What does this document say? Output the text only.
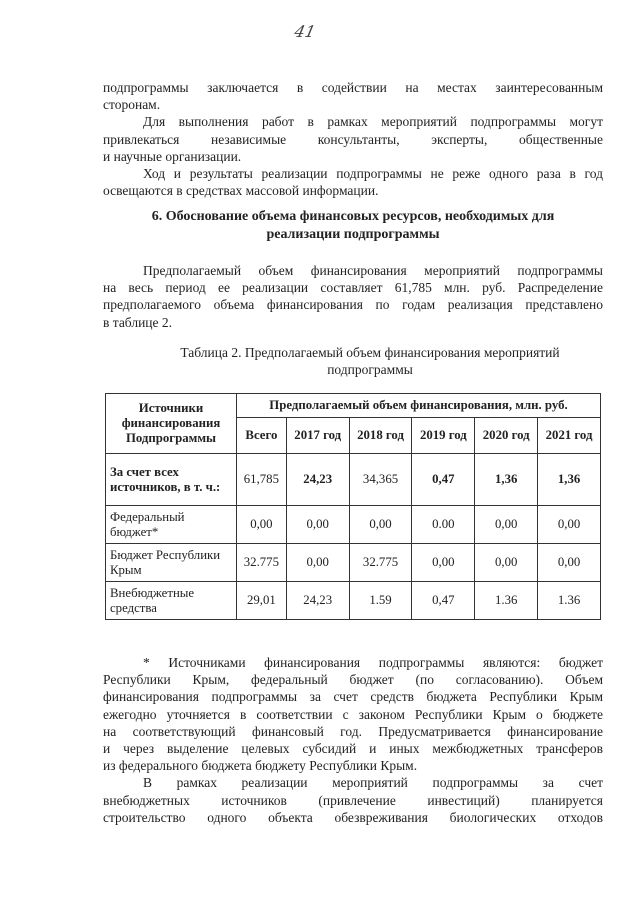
41
подпрограммы заключается в содействии на местах заинтересованным
сторонам.
Для выполнения работ в рамках мероприятий подпрограммы могут
привлекаться независимые консультанты, эксперты, общественные
и научные организации.
Ход и результаты реализации подпрограммы не реже одного раза в год
освещаются в средствах массовой информации.
6. Обоснование объема финансовых ресурсов, необходимых для
реализации подпрограммы
Предполагаемый объем финансирования мероприятий подпрограммы
на весь период ее реализации составляет 61,785 млн. руб. Распределение
предполагаемого объема финансирования по годам реализация представлено
в таблице 2.
Таблица 2. Предполагаемый объем финансирования мероприятий
подпрограммы
Источники финансирования Подпрограммы	Предполагаемый объем финансирования, млн. руб.					
	Всего	2017 год	2018 год	2019 год	2020 год	2021 год
За счет всех источников, в т. ч.:	61,785	24,23	34,365	0,47	1,36	1,36
Федеральный бюджет*	0,00	0,00	0,00	0.00	0,00	0,00
Бюджет Республики Крым	32.775	0,00	32.775	0,00	0,00	0,00
Внебюджетные средства	29,01	24,23	1.59	0,47	1.36	1.36
* Источниками финансирования подпрограммы являются: бюджет
Республики Крым, федеральный бюджет (по согласованию). Объем
финансирования подпрограммы за счет средств бюджета Республики Крым
ежегодно уточняется в соответствии с законом Республики Крым о бюджете
на соответствующий финансовый год. Предусматривается финансирование
и через выделение целевых субсидий и иных межбюджетных трансферов
из федерального бюджета бюджету Республики Крым.
В рамках реализации мероприятий подпрограммы за счет
внебюджетных источников (привлечение инвестиций) планируется
строительство одного объекта обезвреживания биологических отходов
